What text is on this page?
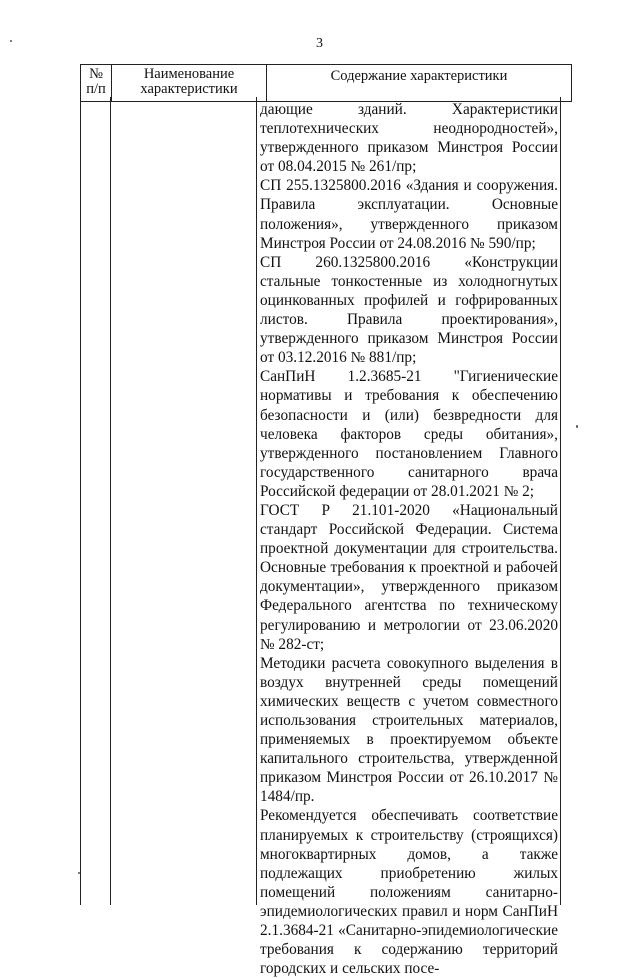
3
№ п/п	Наименование характеристики	Содержание характеристики

дающие зданий. Характеристики теплотехнических неоднородностей», утвержденного приказом Минстроя России от 08.04.2015 № 261/пр;

СП 255.1325800.2016 «Здания и сооружения. Правила эксплуатации. Основные положения», утвержденного приказом Минстроя России от 24.08.2016 № 590/пр;

СП 260.1325800.2016 «Конструкции стальные тонкостенные из холодногнутых оцинкованных профилей и гофрированных листов. Правила проектирования», утвержденного приказом Минстроя России от 03.12.2016 № 881/пр;

СанПиН 1.2.3685-21 "Гигиенические нормативы и требования к обеспечению безопасности и (или) безвредности для человека факторов среды обитания», утвержденного постановлением Главного государственного санитарного врача Российской федерации от 28.01.2021 № 2;

ГОСТ Р 21.101-2020 «Национальный стандарт Российской Федерации. Система проектной документации для строительства. Основные требования к проектной и рабочей документации», утвержденного приказом Федерального агентства по техническому регулированию и метрологии от 23.06.2020 № 282-ст;

Методики расчета совокупного выделения в воздух внутренней среды помещений химических веществ с учетом совместного использования строительных материалов, применяемых в проектируемом объекте капитального строительства, утвержденной приказом Минстроя России от 26.10.2017 № 1484/пр.

Рекомендуется обеспечивать соответствие планируемых к строительству (строящихся) многоквартирных домов, а также подлежащих приобретению жилых помещений положениям санитарно-эпидемиологических правил и норм СанПиН 2.1.3684-21 «Санитарно-эпидемиологические требования к содержанию территорий городских и сельских посе-
